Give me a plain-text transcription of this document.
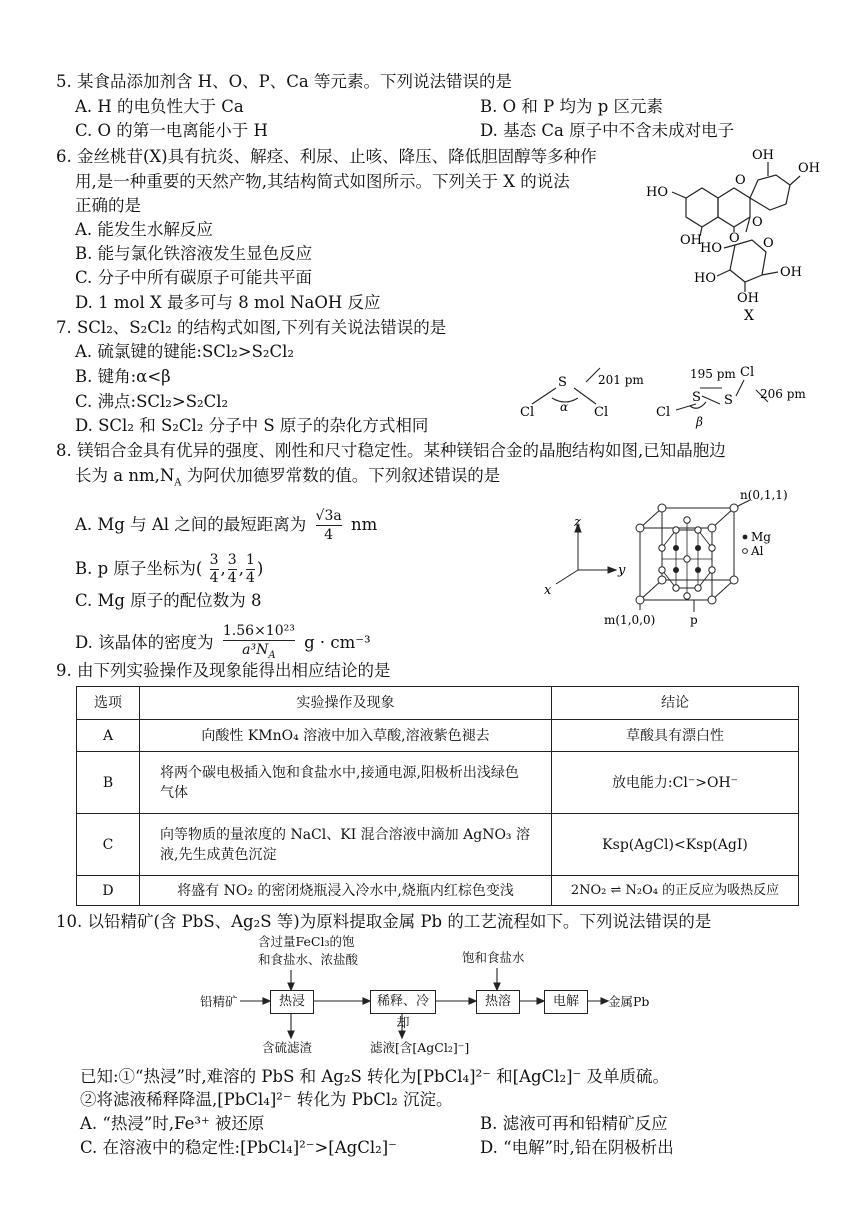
5. 某食品添加剂含 H、O、P、Ca 等元素。下列说法错误的是
A. H 的电负性大于 Ca	B. O 和 P 均为 p 区元素
C. O 的第一电离能小于 H	D. 基态 Ca 原子中不含未成对电子
6. 金丝桃苷(X)具有抗炎、解痉、利尿、止咳、降压、降低胆固醇等多种作
用,是一种重要的天然产物,其结构简式如图所示。下列关于 X 的说法
正确的是
A. 能发生水解反应
B. 能与氯化铁溶液发生显色反应
C. 分子中所有碳原子可能共平面
D. 1 mol X 最多可与 8 mol NaOH 反应
OH
OH
HO
OH
O
O
O
HO
HO
O
OH
OH
X
7. SCl₂、S₂Cl₂ 的结构式如图,下列有关说法错误的是
A. 硫氯键的键能:SCl₂>S₂Cl₂
B. 键角:α<β
C. 沸点:SCl₂>S₂Cl₂
D. SCl₂ 和 S₂Cl₂ 分子中 S 原子的杂化方式相同
S
Cl	Cl
α
201 pm	195 pm Cl
S
S
Cl
β
206 pm
8. 镁铝合金具有优异的强度、刚性和尺寸稳定性。某种镁铝合金的晶胞结构如图,已知晶胞边
长为 a $nm,N_A$ 为阿伏加德罗常数的值。下列叙述错误的是
A. Mg 与 Al 之间的最短距离为 $\frac{√3a}{4}$ nm
B. p 原子坐标为( $\frac{3}{4}$ , $\frac{3}{4}$ , $\frac{1}{4}$ )
C. Mg 原子的配位数为 8
D. 该晶体的密度为 $\frac{\text{1.56×10²³}}{a^3N_A}$ g · cm⁻³
z
y
x
n(0,1,1)
m(1,0,0)	p
Mg
Al
9. 由下列实验操作及现象能得出相应结论的是
选项	实验操作及现象	结论
A	向酸性 KMnO₄ 溶液中加入草酸,溶液紫色褪去	草酸具有漂白性
B	将两个碳电极插入饱和食盐水中,接通电源,阳极析出浅绿色气体	放电能力:Cl⁻>OH⁻
C	向等物质的量浓度的 NaCl、KI 混合溶液中滴加 AgNO₃ 溶液,先生成黄色沉淀	Ksp(AgCl)<Ksp(AgI)
D	将盛有 NO₂ 的密闭烧瓶浸入冷水中,烧瓶内红棕色变浅	2NO₂ ⇌ N₂O₄ 的正反应为吸热反应
10. 以铅精矿(含 PbS、Ag₂S 等)为原料提取金属 Pb 的工艺流程如下。下列说法错误的是
含过量FeCl₃的饱
和食盐水、浓盐酸	饱和食盐水
铅精矿	热浸	稀释、冷却
热溶	电解	金属Pb
含硫滤渣	滤液[含[AgCl₂]⁻]
已知:①“热浸”时,难溶的 PbS 和 Ag₂S 转化为[PbCl₄]²⁻ 和[AgCl₂]⁻ 及单质硫。
②将滤液稀释降温,[PbCl₄]²⁻ 转化为 PbCl₂ 沉淀。
A. “热浸”时,Fe³⁺ 被还原	B. 滤液可再和铅精矿反应
C. 在溶液中的稳定性:[PbCl₄]²⁻>[AgCl₂]⁻	D. “电解”时,铅在阴极析出
